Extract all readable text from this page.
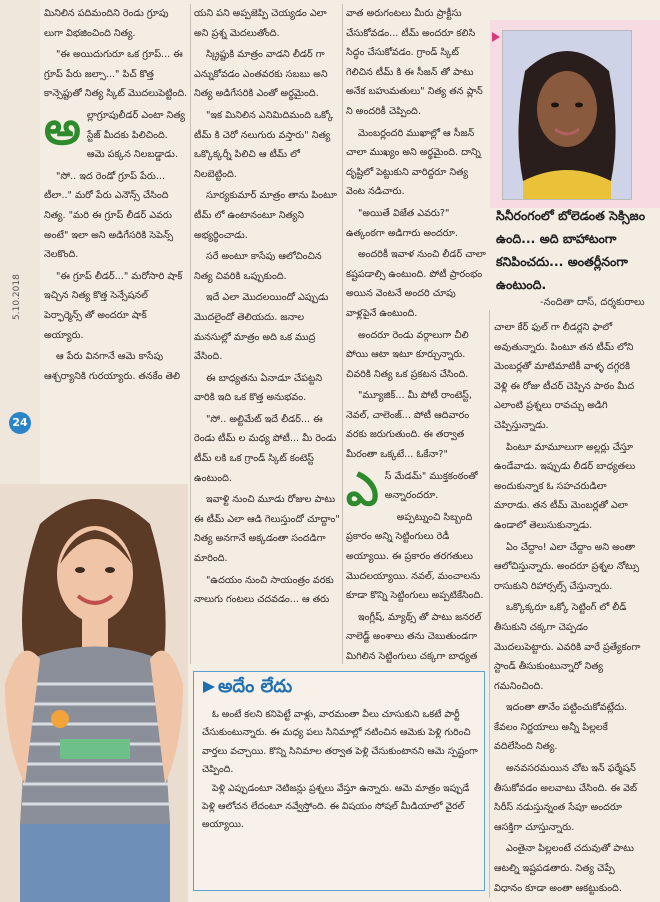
5.10.2018
24

మినిలిన పదిమందిని రెండు గ్రూపు లుగా విభజించింది నిత్య.

"ఈ అయిదుగురూ ఒక గ్రూప్... ఈ గ్రూప్ పేరు జల్సా..." పిచ్ కొత్త కాన్సెప్టుతో నిత్య స్కిట్ మొదలుపెట్టింది.

అల్లాగ్రూపులీడర్ ఎంటా నిత్య స్టేజ్ మీదకు పిలిచింది. ఆమె పక్కన నిలబడ్డాడు.

"సో.. ఇద రెండో గ్రూప్ పేరు... టీలా.." మరో పేరు ఎనౌన్స్ చేసింది నిత్య. "మరి ఈ గ్రూప్ లీడర్ ఎవరు అంటే" ఇలా అని అడిగేసరికి సెపెన్స్ నెలకొంది.

"ఈ గ్రూప్ లీడర్..." మరోసారి షాక్ ఇచ్చిన నిత్య కొత్త సెన్సేషనల్ పెర్ఫార్మెన్స్ తో అందరూ షాక్ అయ్యారు.

ఆ పేరు వినగానే ఆమె కాసేపు ఆశ్చర్యానికి గురయ్యారు. తనకేం తెలి

యని పని అప్పజెప్పి చెయ్యడం ఎలా అని ప్రశ్న మెదలుతోంది.

స్క్రిప్టుకి మాత్రం వాడని లీడర్ గా ఎన్నుకోవడం ఎంతవరకు సబబు అని నిత్య అడిగేసరికి ఎంతో అర్థమైంది.

"ఇక మినిలిన ఎనిమిదిమంది ఒక్కో టీమ్ కి చెరో నలుగురు వస్తారు" నిత్య ఒక్కొక్కర్నీ పిలిచి ఆ టీమ్ లో నిలబెట్టింది.

సూర్యకుమార్ మాత్రం తాను పింటూ టీమ్ లో ఉంటానంటూ నిత్యని అభ్యర్థించాడు.

సరే అంటూ కాసేపు ఆలోచించిన నిత్య చివరికి ఒప్పుకుంది.

ఇదే ఎలా మొదలయిందో ఎప్పుడు మొదలైందో తెలియదు. జనాల మనసుల్లో మాత్రం అది ఒక ముద్ర వేసింది.

ఈ బాధ్యతను ఏనాడూ చేపట్టని వారికి ఇది ఒక కొత్త అనుభవం.

"సో.. అల్టిమేట్ ఇదే లీడర్... ఈ రెండు టీమ్ ల మధ్య పోటీ... మీ రెండు టీమ్ లకి ఒక గ్రాండ్ స్కిట్ కంటెస్ట్ ఉంటుంది.

ఇవాళ్టి నుంచి మూడు రోజుల పాటు ఈ టీమ్ ఎలా ఆడి గెలుస్తుందో చూద్దాం" నిత్య అనగానే అక్కడంతా సందడిగా మారింది.

"ఉదయం నుంచి సాయంత్రం వరకు నాలుగు గంటలు చదవడం... ఆ తరు

వాత అరుగంటలు మీరు ప్రాక్టీసు చేసుకోవడం... టీమ్ అందరూ కలిసి సిద్ధం చేసుకోవడం. గ్రాండ్ స్కిట్ గెలిచిన టీమ్ కి ఈ సీజన్ తో పాటు అనేక బహుమతులు" నిత్య తన ప్లాన్ ని అందరికీ చెప్పింది.

మెంబర్లందరి ముఖాల్లో ఆ సీజన్ చాలా ముఖ్యం అని అర్థమైంది. దాన్ని దృష్టిలో పెట్టుకుని వారిద్దరూ నిత్య వెంట నడిచారు.

"అయితే విజేత ఎవరు?" ఉత్కంఠగా అడిగారు అందరూ.

అందరికీ ఇవాళ నుంచి లీడర్ చాలా కష్టపడాల్సి ఉంటుంది. పోటీ ప్రారంభం అయిన వెంటనే అందరి చూపు వాళ్లపైనే ఉంటుంది.

అందరూ రెండు వర్గాలుగా చీలి పోయి ఆటా ఇటూ కూర్చున్నారు. చివరికి నిత్య ఒక ప్రకటన చేసింది.

"మ్యూజిక్... మీ పోటీ రాంటెస్ట్, నెవల్, చాలెంజ్... పోటీ ఆదివారం వరకు జరుగుతుంది. ఈ తర్వాత మీరంతా ఒక్కటే... ఓకేనా?"

ఎస్ మేడమ్" ముక్తకంఠంతో అన్నారందరూ.

అప్పట్నుంచి సిబ్బంది ప్రకారం అన్ని సెట్టింగులు రెడీ అయ్యాయి. ఈ ప్రకారం తరగతులు మొదలయ్యాయి. నవల్, మంచాలను కూడా కొన్ని సెట్టింగులు అప్పటికేసింది.

ఇంగ్లీష్, మ్యాథ్స్ తో పాటు జనరల్ నాలెడ్జ్ అంశాలు తను చెబుతుండగా మిగిలిన సెట్టింగులు చక్కగా బాధ్యత

సినీరంగంలో బోలెడంత సెక్సిజం ఉంది... అది బాహాటంగా కనిపించదు... అంతర్లీనంగా ఉంటుంది.
-నందితా దాస్, దర్శకురాలు

చాలా కేర్ ఫుల్ గా లీడర్లని ఫాలో అవుతున్నారు. పింటూ తన టీమ్ లోని మెంబర్లతో మాటిమాటికీ వాళ్ళ దగ్గరకి వెళ్లి ఈ రోజు టీచర్ చెప్పిన పాఠం మీద ఎలాంటి ప్రశ్నలు రావచ్చు అడిగి చెప్పిస్తున్నాడు.

పింటూ మామూలుగా అల్లర్లు చేస్తూ ఉండేవాడు. ఇప్పుడు లీడర్ బాధ్యతలు అందుకున్నాక ఓ సహచరుడిలా మారాడు. తన టీమ్ మెంబర్లతో ఎలా ఉండాలో తెలుసుకున్నాడు.

ఏం చేద్దాం! ఎలా చేద్దాం అని అంతా ఆలోచిస్తున్నారు. అందరూ ప్రశ్నల నోట్సు రాసుకుని రిహార్సల్స్ చేస్తున్నారు.

ఒక్కొక్కరూ ఒక్కో సెట్టింగ్ లో లీడ్ తీసుకుని చక్కగా చెప్పడం మొదలుపెట్టారు. ఎవరికి వారే ప్రత్యేకంగా స్టాండ్ తీసుకుంటున్నారో నిత్య గమనించింది.

ఇదంతా తానేం పట్టించుకోవట్లేదు. కేవలం నిర్ణయాలు అన్నీ పిల్లలకే వదిలేసింది నిత్య.

అనవసరమయిన చోట ఇన్ ఫర్మేషన్ తీసుకోవడం అలవాటు చేసింది. ఈ వెబ్ సిరీస్ నడుస్తున్నంత సేపూ అందరూ ఆసక్తిగా చూస్తున్నారు.

ఎంతైనా పిల్లలంటే చదువుతో పాటు ఆటల్ని ఇష్టపడతారు. నిత్య చెప్పే విధానం కూడా అంతా ఆకట్టుకుంది.

అదేం లేదు

ఓ అంటే కలని కనిపెట్టే వాళ్లు, వారమంతా వీలు చూసుకుని ఒకటే పార్టీ చేసుకుంటున్నారు. ఈ మధ్య పలు సినిమాల్లో నటించిన ఆమెకు పెళ్లి గురించి వార్తలు వచ్చాయి. కొన్ని సినిమాల తర్వాత పెళ్లి చేసుకుంటానని ఆమె స్పష్టంగా చెప్పింది.

పెళ్లి ఎప్పుడంటూ నెటిజన్లు ప్రశ్నలు వేస్తూ ఉన్నారు. ఆమె మాత్రం ఇప్పుడే పెళ్లి ఆలోచన లేదంటూ నవ్వేస్తోంది. ఈ విషయం సోషల్ మీడియాలో వైరల్ అయ్యాయి.
